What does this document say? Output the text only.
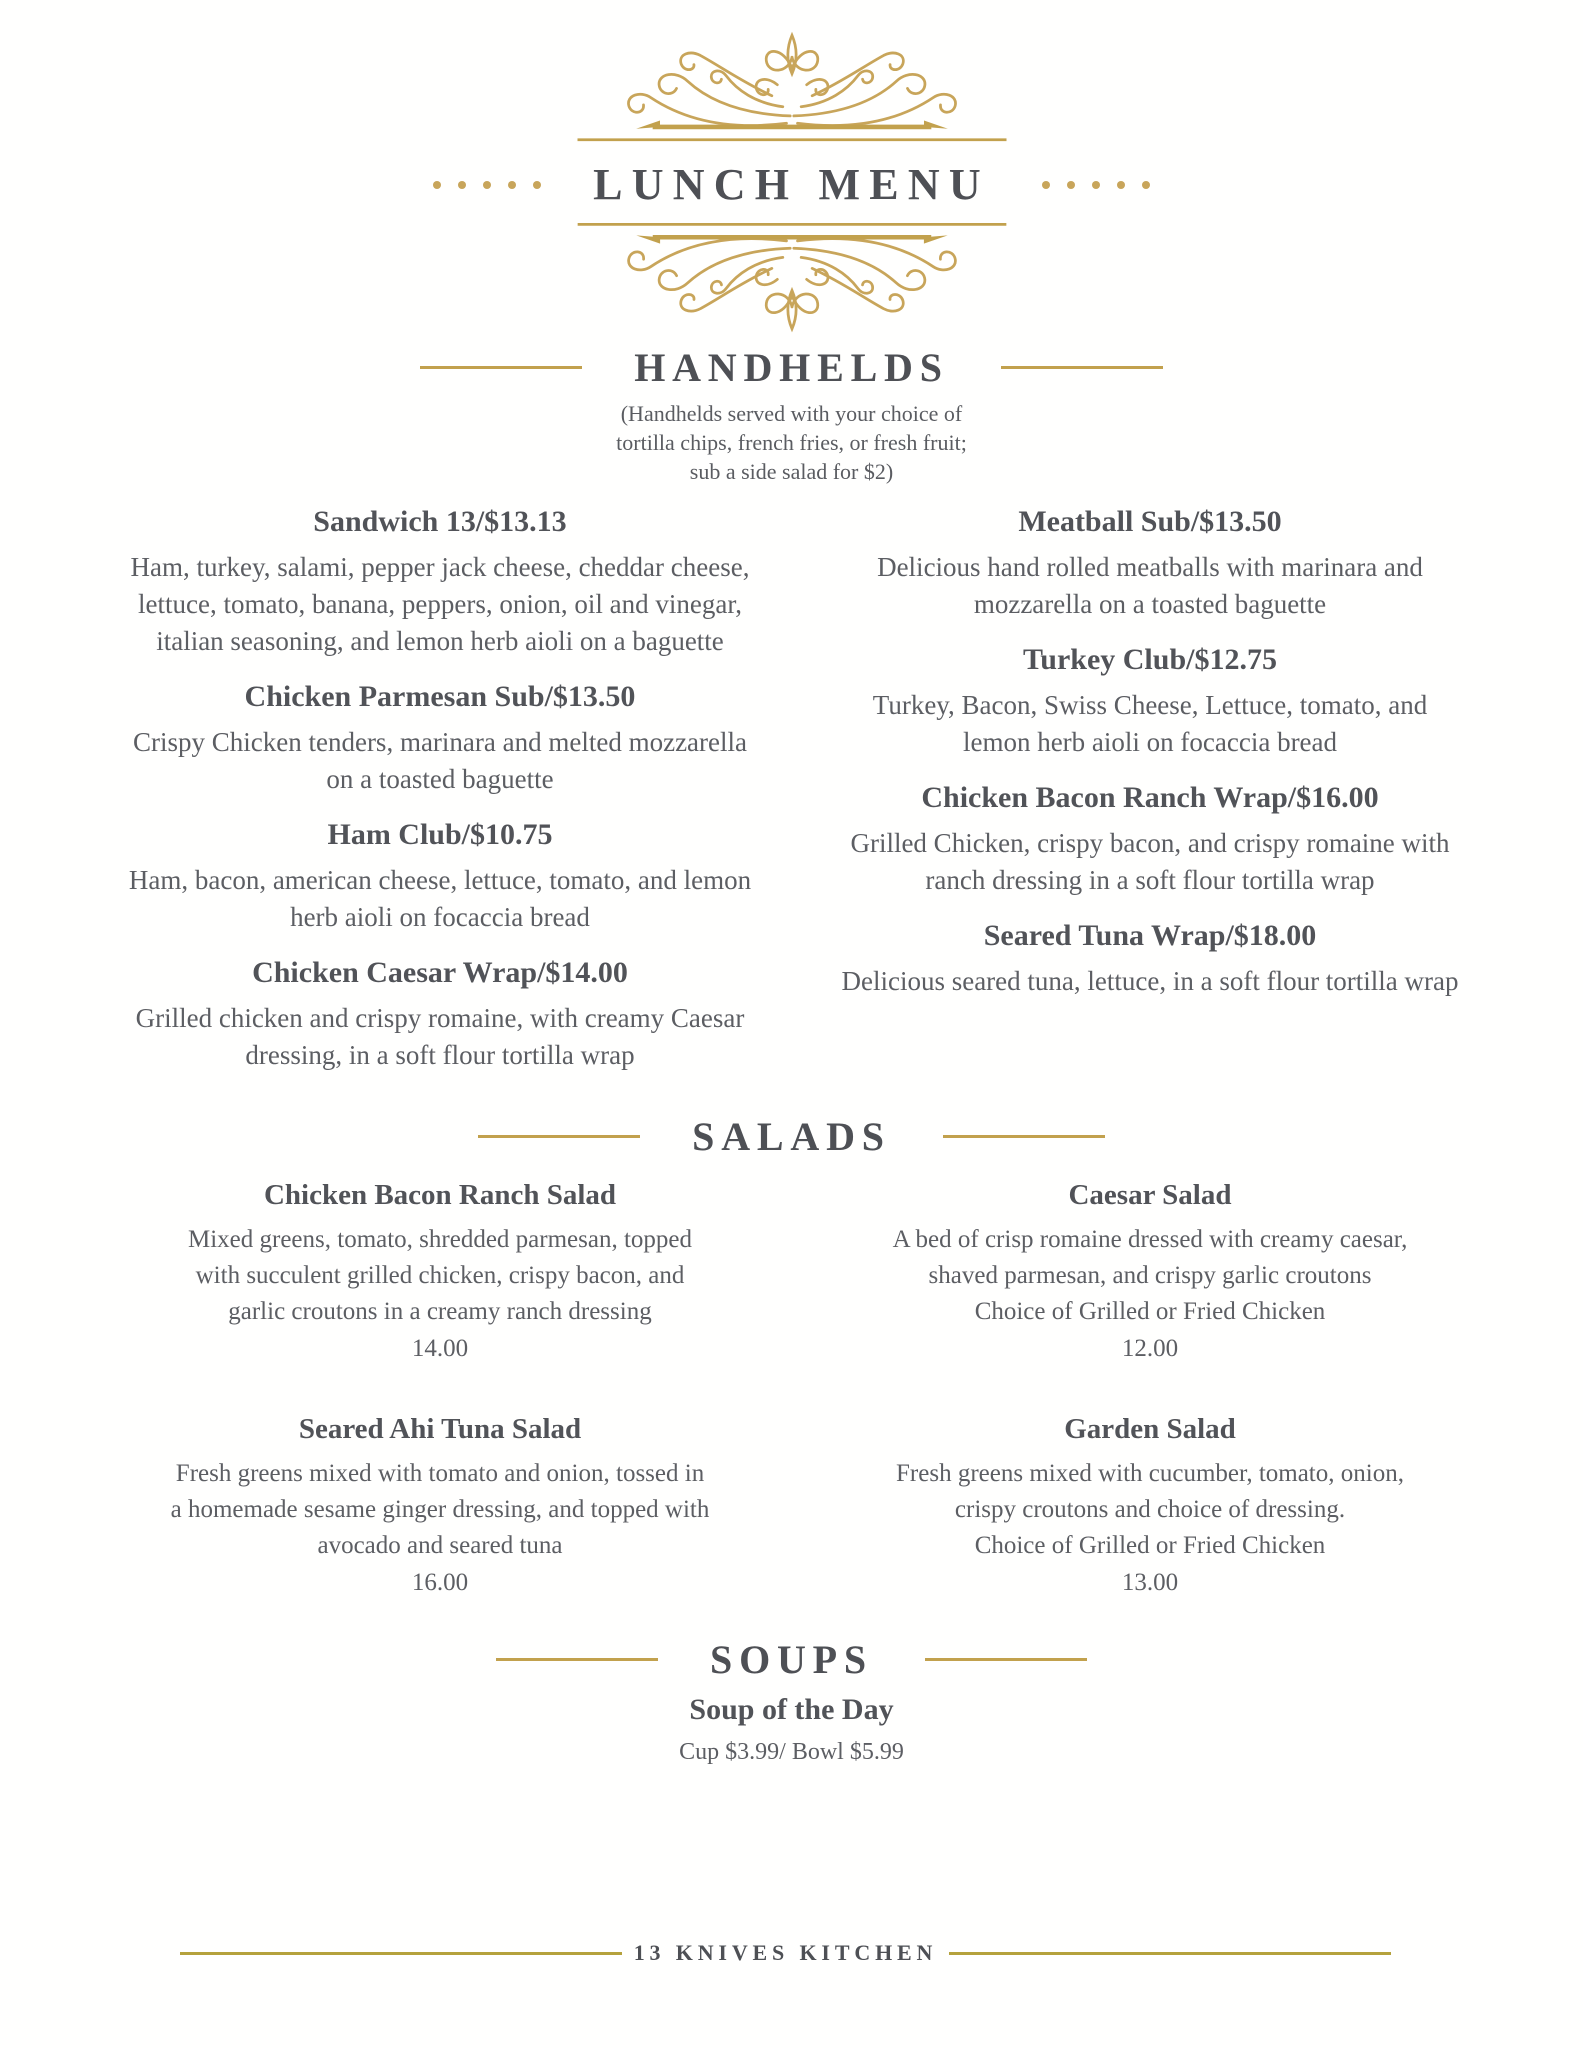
LUNCH MENU
HANDHELDS
(Handhelds served with your choice of
tortilla chips, french fries, or fresh fruit;
sub a side salad for $2)

Sandwich 13/$13.13

Ham, turkey, salami, pepper jack cheese, cheddar cheese, lettuce, tomato, banana, peppers, onion, oil and vinegar, italian seasoning, and lemon herb aioli on a baguette

Chicken Parmesan Sub/$13.50

Crispy Chicken tenders, marinara and melted mozzarella on a toasted baguette

Ham Club/$10.75

Ham, bacon, american cheese, lettuce, tomato, and lemon herb aioli on focaccia bread

Chicken Caesar Wrap/$14.00

Grilled chicken and crispy romaine, with creamy Caesar dressing, in a soft flour tortilla wrap

Meatball Sub/$13.50

Delicious hand rolled meatballs with marinara and mozzarella on a toasted baguette

Turkey Club/$12.75

Turkey, Bacon, Swiss Cheese, Lettuce, tomato, and lemon herb aioli on focaccia bread

Chicken Bacon Ranch Wrap/$16.00

Grilled Chicken, crispy bacon, and crispy romaine with ranch dressing in a soft flour tortilla wrap

Seared Tuna Wrap/$18.00

Delicious seared tuna, lettuce, in a soft flour tortilla wrap

SALADS

Chicken Bacon Ranch Salad

Mixed greens, tomato, shredded parmesan, topped with succulent grilled chicken, crispy bacon, and garlic croutons in a creamy ranch dressing

14.00

Caesar Salad

A bed of crisp romaine dressed with creamy caesar, shaved parmesan, and crispy garlic croutons

Choice of Grilled or Fried Chicken
12.00

Seared Ahi Tuna Salad

Fresh greens mixed with tomato and onion, tossed in a homemade sesame ginger dressing, and topped with avocado and seared tuna

16.00

Garden Salad

Fresh greens mixed with cucumber, tomato, onion, crispy croutons and choice of dressing.

Choice of Grilled or Fried Chicken
13.00
SOUPS

Soup of the Day

Cup $3.99/ Bowl $5.99
13 KNIVES KITCHEN
